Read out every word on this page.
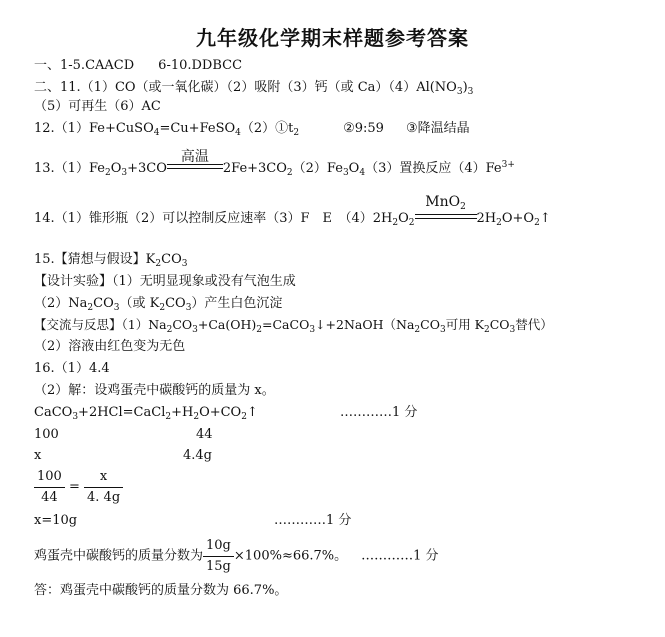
九年级化学期末样题参考答案
一、1-5.CAACD 6-10.DDBCC
二、11.（1）CO（或一氧化碳）（2）吸附（3）钙（或 $Ca)(4)Al(NO_3)_3$
（5）可再生（6）AC
$12.(1)Fe+CuSO_4=Cu+FeSO_4(2)①t_2$	②9:59 ③降温结晶
$13.(1)Fe_2O_3+3CO$
高温
$2Fe+3CO_2(2)Fe_3O_4(3)$置换反应$(4)Fe^{3+}$
14.（1）锥形瓶（2）可以控制反应速率（3）F　E　$(4)2H_2O_2$
MnO$_2$
$2H_2O+O_2↑$
15.【猜想与假设】$K_2CO_3$
【设计实验】（1）无明显现象或没有气泡生成
$(2)Na_2CO_3$（或 $K_2CO_3$）产生白色沉淀
【交流与反思】$(1)Na_2CO_3+Ca(OH)_2=CaCO_3↓+2NaOH(Na_2CO_3$可用 $K_2CO_3$替代）
（2）溶液由红色变为无色
16.（1）4.4
（2）解：设鸡蛋壳中碳酸钙的质量为 x。
$CaCO_3+2HCl=CaCl_2+H_2O+CO_2↑$	…………1 分
100	44
x	4.4g
$\frac{100}{44} = \frac{x}{4. 4g}$
x=10g	…………1 分
鸡蛋壳中碳酸钙的质量分数为 $\frac{10g}{15g} \times 100\%\approx 66.7\%$。 …………1 分
答：鸡蛋壳中碳酸钙的质量分数为 66.7%。
